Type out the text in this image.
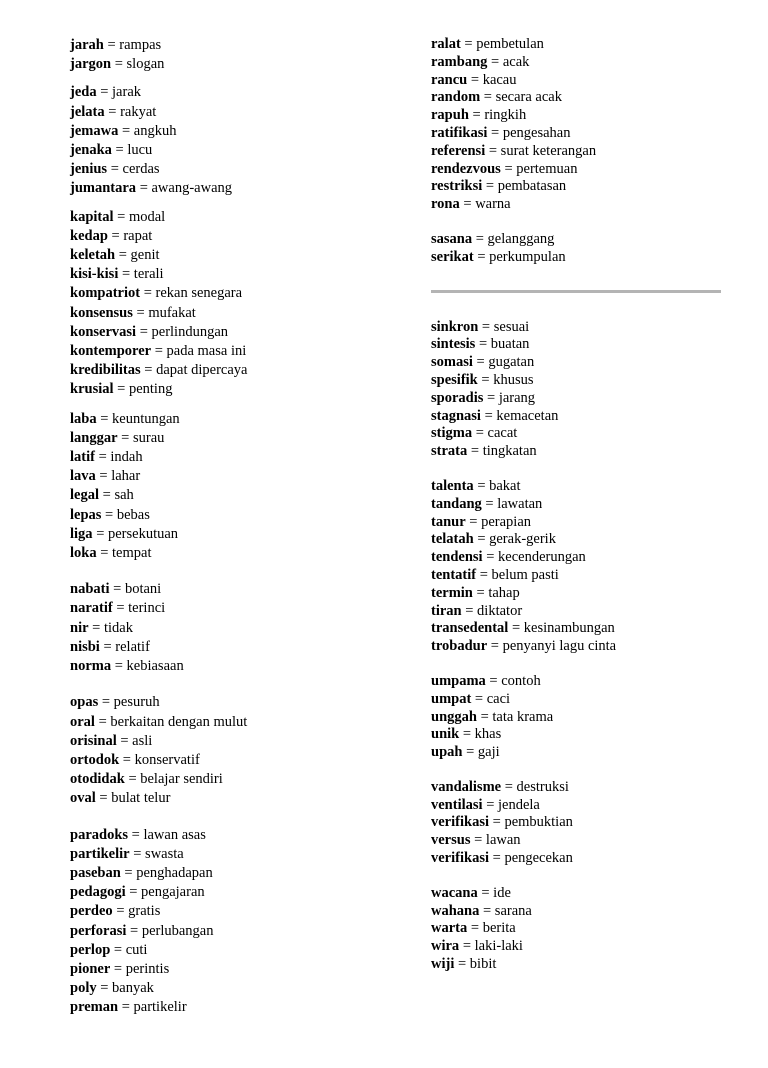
jarah = rampas
jargon = slogan
jeda = jarak
jelata = rakyat
jemawa = angkuh
jenaka = lucu
jenius = cerdas
jumantara = awang-awang
kapital = modal
kedap = rapat
keletah = genit
kisi-kisi = terali
kompatriot = rekan senegara
konsensus = mufakat
konservasi = perlindungan
kontemporer = pada masa ini
kredibilitas = dapat dipercaya
krusial = penting
laba = keuntungan
langgar = surau
latif = indah
lava = lahar
legal = sah
lepas = bebas
liga = persekutuan
loka = tempat
nabati = botani
naratif = terinci
nir = tidak
nisbi = relatif
norma = kebiasaan
opas = pesuruh
oral = berkaitan dengan mulut
orisinal = asli
ortodok = konservatif
otodidak = belajar sendiri
oval = bulat telur
paradoks = lawan asas
partikelir = swasta
paseban = penghadapan
pedagogi = pengajaran
perdeo = gratis
perforasi = perlubangan
perlop = cuti
pioner = perintis
poly = banyak
preman = partikelir
ralat = pembetulan
rambang = acak
rancu = kacau
random = secara acak
rapuh = ringkih
ratifikasi = pengesahan
referensi = surat keterangan
rendezvous = pertemuan
restriksi = pembatasan
rona = warna
sasana = gelanggang
serikat = perkumpulan
sinkron = sesuai
sintesis = buatan
somasi = gugatan
spesifik = khusus
sporadis = jarang
stagnasi = kemacetan
stigma = cacat
strata = tingkatan
talenta = bakat
tandang = lawatan
tanur = perapian
telatah = gerak-gerik
tendensi = kecenderungan
tentatif = belum pasti
termin = tahap
tiran = diktator
transedental = kesinambungan
trobadur = penyanyi lagu cinta
umpama = contoh
umpat = caci
unggah = tata krama
unik = khas
upah = gaji
vandalisme = destruksi
ventilasi = jendela
verifikasi = pembuktian
versus = lawan
verifikasi = pengecekan
wacana = ide
wahana = sarana
warta = berita
wira = laki-laki
wiji = bibit
